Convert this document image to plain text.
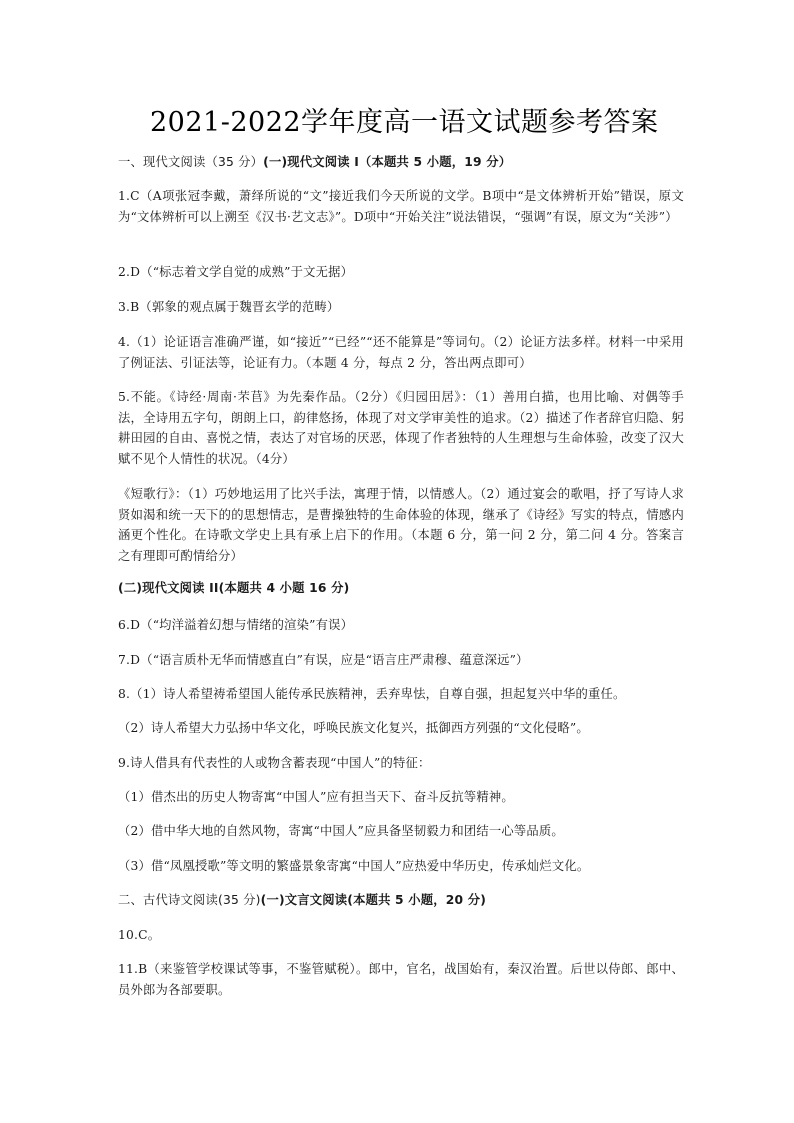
2021-2022学年度高一语文试题参考答案
一、现代文阅读（35 分）(一)现代文阅读 I（本题共 5 小题，19 分）
1.C（A项张冠李戴，萧绎所说的“文”接近我们今天所说的文学。B项中“是文体辨析开始”错误，原文为“文体辨析可以上溯至《汉书·艺文志》”。D项中“开始关注”说法错误，“强调”有误，原文为“关涉”）
2.D（“标志着文学自觉的成熟”于文无据）
3.B（郭象的观点属于魏晋玄学的范畴）
4.（1）论证语言准确严谨，如“接近”“已经”“还不能算是”等词句。（2）论证方法多样。材料一中采用了例证法、引证法等，论证有力。（本题 4 分，每点 2 分，答出两点即可）
5.不能。《诗经·周南·芣苢》为先秦作品。（2分）《归园田居》：（1）善用白描，也用比喻、对偶等手法，全诗用五字句，朗朗上口，韵律悠扬，体现了对文学审美性的追求。（2）描述了作者辞官归隐、躬耕田园的自由、喜悦之情，表达了对官场的厌恶，体现了作者独特的人生理想与生命体验，改变了汉大赋不见个人情性的状况。（4分）
《短歌行》：（1）巧妙地运用了比兴手法，寓理于情，以情感人。（2）通过宴会的歌唱，抒了写诗人求贤如渴和统一天下的的思想情志，是曹操独特的生命体验的体现，继承了《诗经》写实的特点，情感内涵更个性化。在诗歌文学史上具有承上启下的作用。（本题 6 分，第一问 2 分，第二问 4 分。答案言之有理即可酌情给分）
(二)现代文阅读 II(本题共 4 小题 16 分)
6.D（“均洋溢着幻想与情绪的渲染”有误）
7.D（“语言质朴无华而情感直白”有误，应是“语言庄严肃穆、蕴意深远”）
8.（1）诗人希望祷希望国人能传承民族精神，丢弃卑怯，自尊自强，担起复兴中华的重任。
（2）诗人希望大力弘扬中华文化，呼唤民族文化复兴，抵御西方列强的“文化侵略”。
9.诗人借具有代表性的人或物含蓄表现“中国人”的特征：
（1）借杰出的历史人物寄寓“中国人”应有担当天下、奋斗反抗等精神。
（2）借中华大地的自然风物，寄寓“中国人”应具备坚韧毅力和团结一心等品质。
（3）借“凤凰授歌”等文明的繁盛景象寄寓“中国人”应热爱中华历史，传承灿烂文化。
二、古代诗文阅读(35 分)(一)文言文阅读(本题共 5 小题，20 分)
10.C。
11.B（来鉴管学校课试等事，不鉴管赋税）。郎中，官名，战国始有，秦汉治置。后世以侍郎、郎中、员外郎为各部要职。
